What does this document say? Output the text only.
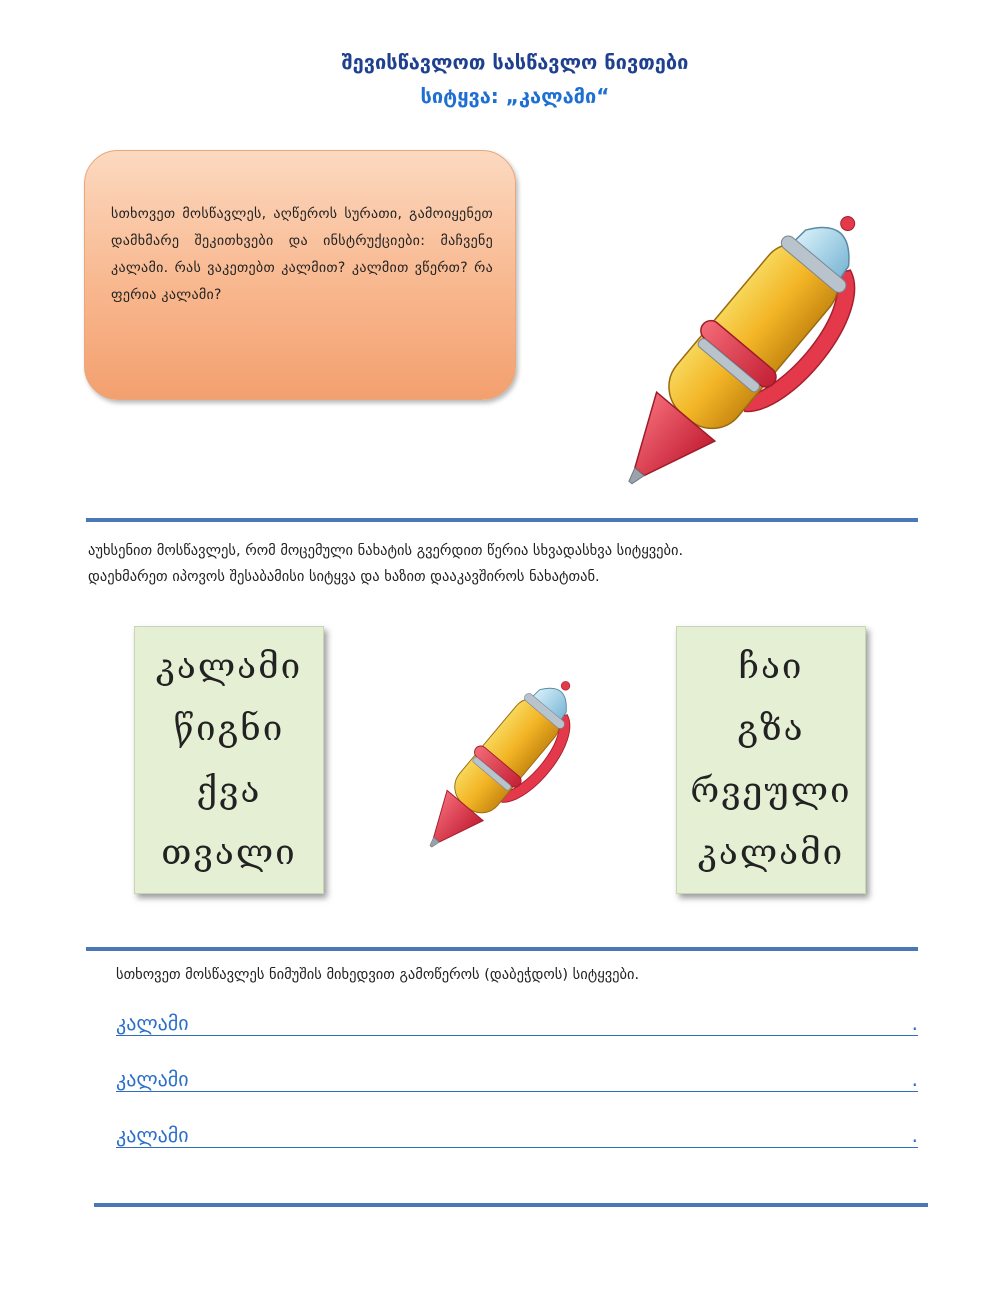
შევისწავლოთ სასწავლო ნივთები
სიტყვა: „კალამი“

სთხოვეთ მოსწავლეს, აღწეროს სურათი, გამოიყენეთ დამხმარე შეკითხვები და ინსტრუქციები: მაჩვენე კალამი. რას ვაკეთებთ კალმით? კალმით ვწერთ? რა ფერია კალამი?

აუხსენით მოსწავლეს, რომ მოცემული ნახატის გვერდით წერია სხვადასხვა სიტყვები.

დაეხმარეთ იპოვოს შესაბამისი სიტყვა და ხაზით დააკავშიროს ნახატთან.

კალამი
წიგნი
ქვა
თვალი
ჩაი
გზა
რვეული
კალამი

სთხოვეთ მოსწავლეს ნიმუშის მიხედვით გამოწეროს (დაბეჭდოს) სიტყვები.

კალამი	.
კალამი	.
კალამი	.
